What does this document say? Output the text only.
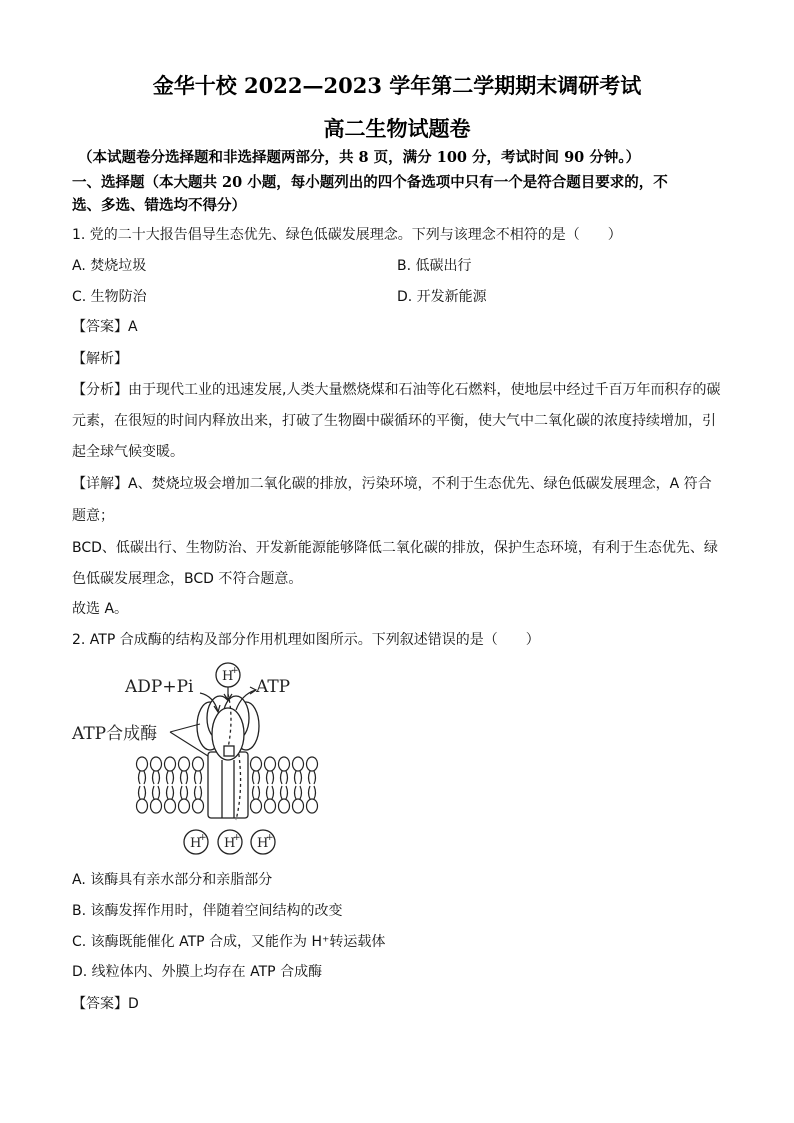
金华十校 2022—2023 学年第二学期期末调研考试
高二生物试题卷
（本试题卷分选择题和非选择题两部分，共 8 页，满分 100 分，考试时间 90 分钟。）
一、选择题（本大题共 20 小题，每小题列出的四个备选项中只有一个是符合题目要求的，不
选、多选、错选均不得分）
1. 党的二十大报告倡导生态优先、绿色低碳发展理念。下列与该理念不相符的是（　　）
A. 焚烧垃圾	B. 低碳出行
C. 生物防治	D. 开发新能源
【答案】A
【解析】
【分析】由于现代工业的迅速发展,人类大量燃烧煤和石油等化石燃料，使地层中经过千百万年而积存的碳
元素，在很短的时间内释放出来，打破了生物圈中碳循环的平衡，使大气中二氧化碳的浓度持续增加，引
起全球气候变暖。
【详解】A、焚烧垃圾会增加二氧化碳的排放，污染环境，不利于生态优先、绿色低碳发展理念，A 符合
题意；
BCD、低碳出行、生物防治、开发新能源能够降低二氧化碳的排放，保护生态环境，有利于生态优先、绿
色低碳发展理念，BCD 不符合题意。
故选 A。
2. ATP 合成酶的结构及部分作用机理如图所示。下列叙述错误的是（　　）
H
+
ADP+Pi	ATP
ATP合成酶
H
+ H
+ H
+
A. 该酶具有亲水部分和亲脂部分
B. 该酶发挥作用时，伴随着空间结构的改变
C. 该酶既能催化 ATP 合成，又能作为 H⁺转运载体
D. 线粒体内、外膜上均存在 ATP 合成酶
【答案】D
